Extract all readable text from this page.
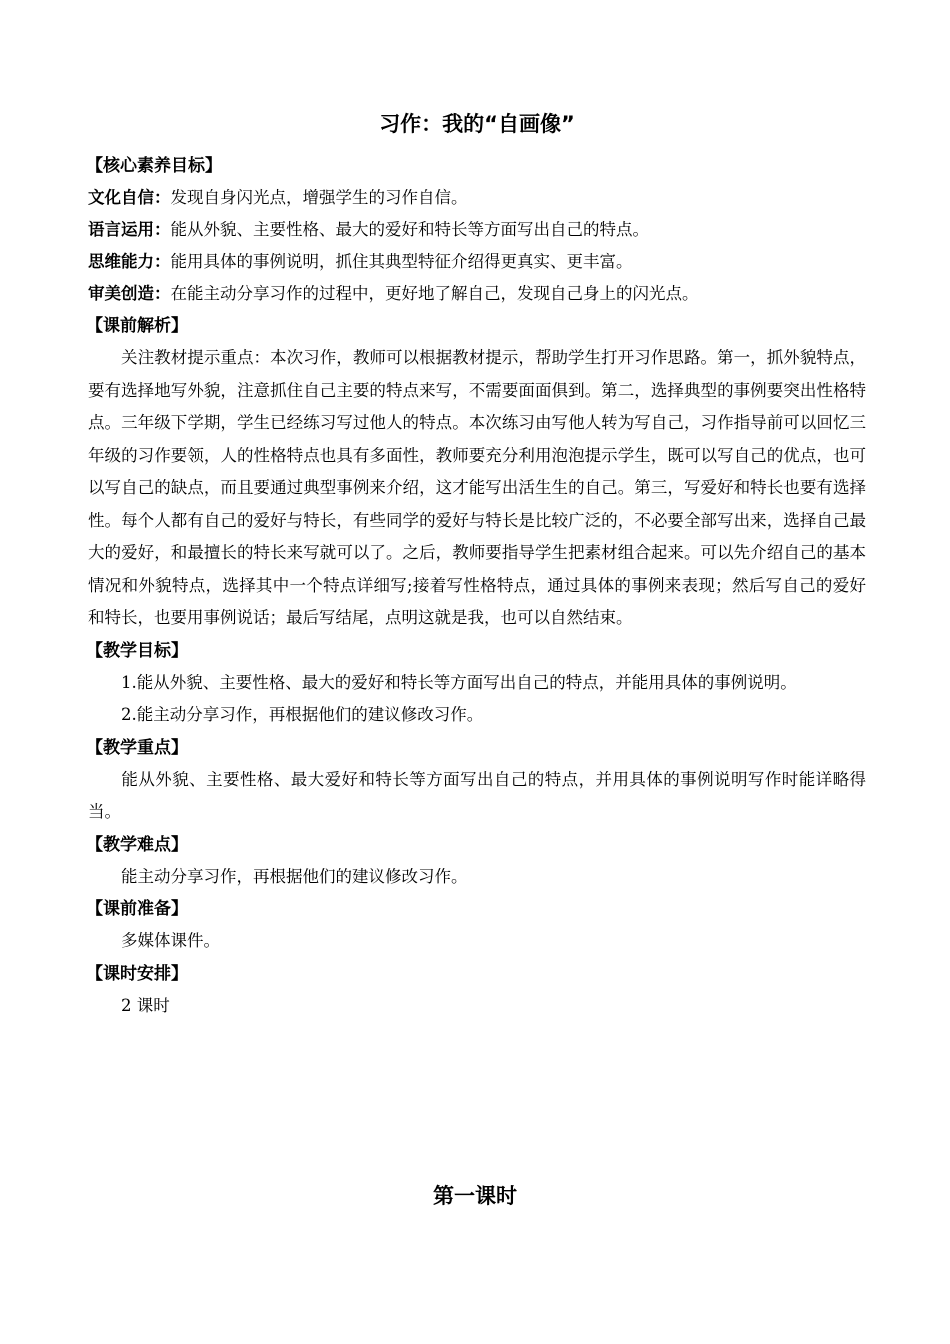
习作：我的“自画像”
【核心素养目标】
文化自信：发现自身闪光点，增强学生的习作自信。
语言运用：能从外貌、主要性格、最大的爱好和特长等方面写出自己的特点。
思维能力：能用具体的事例说明，抓住其典型特征介绍得更真实、更丰富。
审美创造：在能主动分享习作的过程中，更好地了解自己，发现自己身上的闪光点。
【课前解析】
关注教材提示重点：本次习作，教师可以根据教材提示，帮助学生打开习作思路。第一，抓外貌特点，要有选择地写外貌，注意抓住自己主要的特点来写，不需要面面俱到。第二，选择典型的事例要突出性格特点。三年级下学期，学生已经练习写过他人的特点。本次练习由写他人转为写自己，习作指导前可以回忆三年级的习作要领，人的性格特点也具有多面性，教师要充分利用泡泡提示学生，既可以写自己的优点，也可以写自己的缺点，而且要通过典型事例来介绍，这才能写出活生生的自己。第三，写爱好和特长也要有选择性。每个人都有自己的爱好与特长，有些同学的爱好与特长是比较广泛的，不必要全部写出来，选择自己最大的爱好，和最擅长的特长来写就可以了。之后，教师要指导学生把素材组合起来。可以先介绍自己的基本情况和外貌特点，选择其中一个特点详细写;接着写性格特点，通过具体的事例来表现；然后写自己的爱好和特长，也要用事例说话；最后写结尾，点明这就是我，也可以自然结束。
【教学目标】
1.能从外貌、主要性格、最大的爱好和特长等方面写出自己的特点，并能用具体的事例说明。
2.能主动分享习作，再根据他们的建议修改习作。
【教学重点】
能从外貌、主要性格、最大爱好和特长等方面写出自己的特点，并用具体的事例说明写作时能详略得当。
【教学难点】
能主动分享习作，再根据他们的建议修改习作。
【课前准备】
多媒体课件。
【课时安排】
2 课时
第一课时
